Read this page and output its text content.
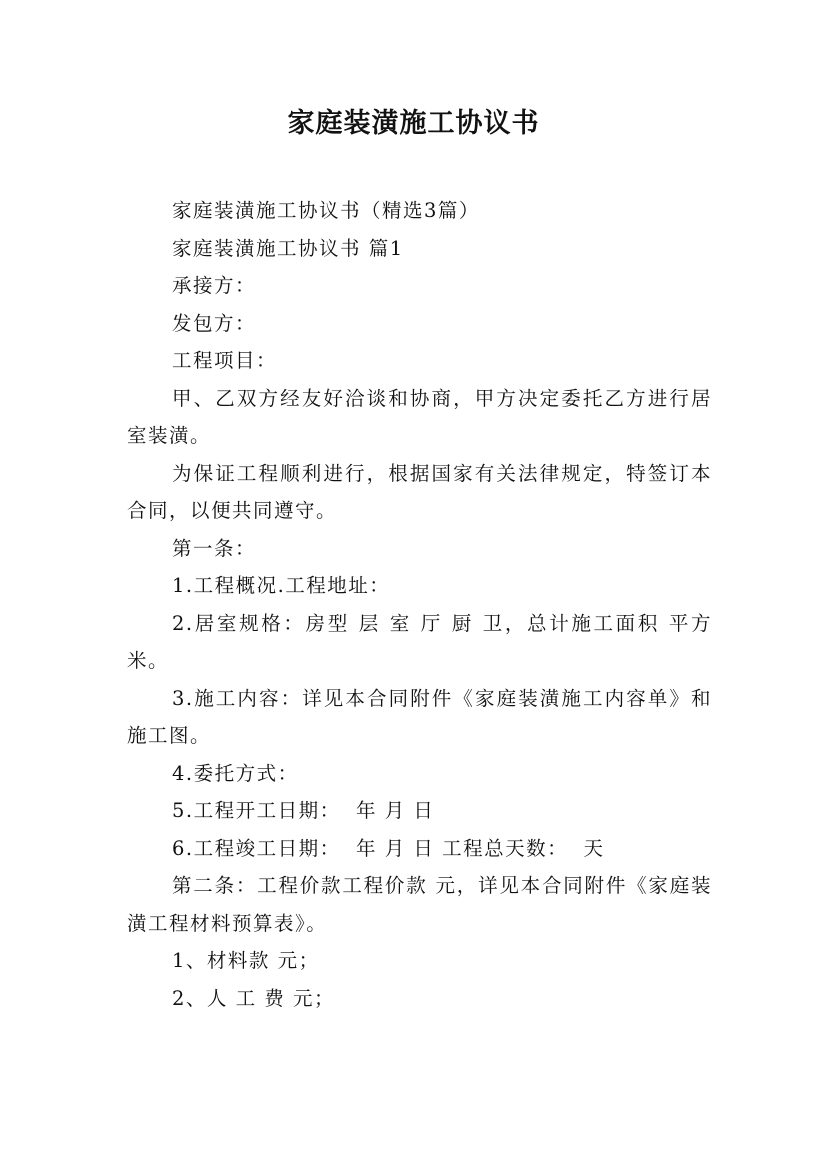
家庭装潢施工协议书

家庭装潢施工协议书（精选3篇）

家庭装潢施工协议书 篇1

承接方：

发包方：

工程项目：

甲、乙双方经友好洽谈和协商，甲方决定委托乙方进行居室装潢。

为保证工程顺利进行，根据国家有关法律规定，特签订本合同，以便共同遵守。

第一条：

1.工程概况.工程地址：

2.居室规格：房型 层 室 厅 厨 卫，总计施工面积 平方米。

3.施工内容：详见本合同附件《家庭装潢施工内容单》和施工图。

4.委托方式：

5.工程开工日期：  年 月 日

6.工程竣工日期：  年 月 日 工程总天数：  天

第二条：工程价款工程价款 元，详见本合同附件《家庭装潢工程材料预算表》。

1、材料款 元；

2、人 工 费 元；
